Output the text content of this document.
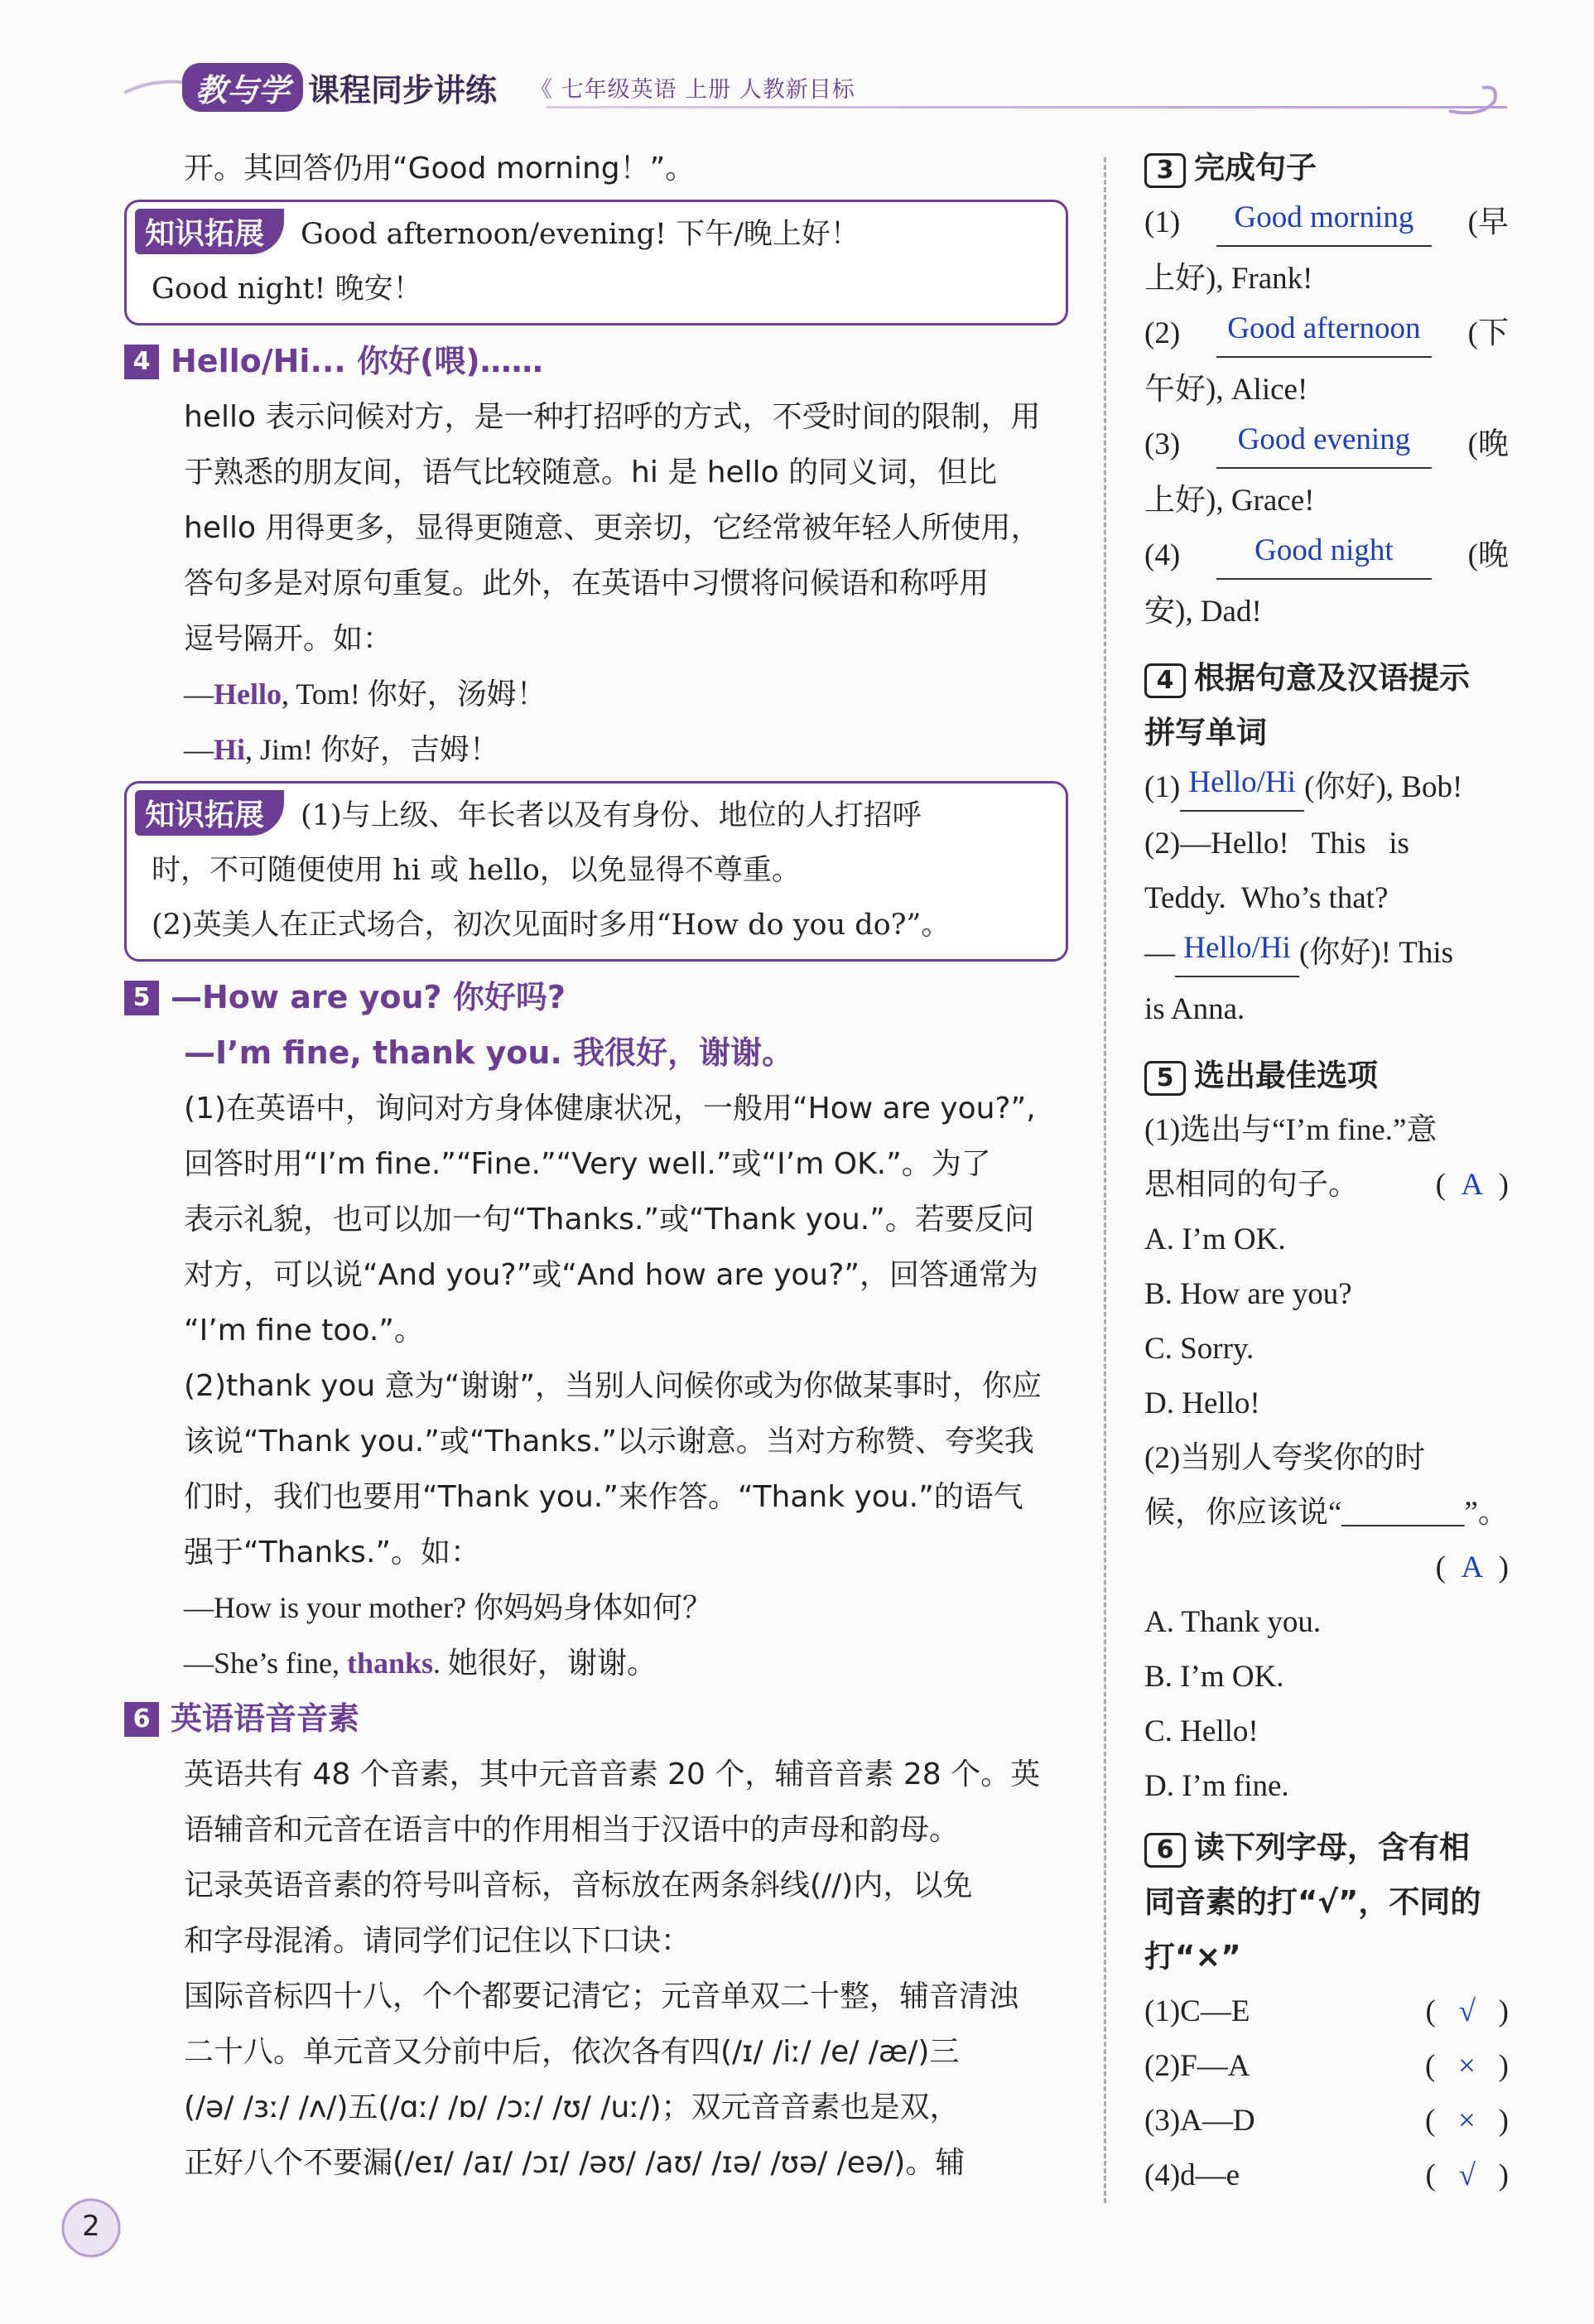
教与学 课程同步讲练 《 七年级英语 上册 人教新目标

开。其回答仍用“Good morning！”。

知识拓展 Good afternoon/evening! 下午/晚上好！
Good night! 晚安！
4 Hello/Hi... 你好(喂)……

hello 表示问候对方，是一种打招呼的方式，不受时间的限制，用

于熟悉的朋友间，语气比较随意。hi 是 hello 的同义词，但比

hello 用得更多，显得更随意、更亲切，它经常被年轻人所使用，

答句多是对原句重复。此外，在英语中习惯将问候语和称呼用

逗号隔开。如：

—Hello, Tom! 你好，汤姆！
—Hi, Jim! 你好，吉姆！
知识拓展 (1)与上级、年长者以及有身份、地位的人打招呼
时，不可随便使用 hi 或 hello，以免显得不尊重。
(2)英美人在正式场合，初次见面时多用“How do you do?”。
5 —How are you? 你好吗?
—I’m fine, thank you. 我很好，谢谢。

(1)在英语中，询问对方身体健康状况，一般用“How are you?”,

回答时用“I’m fine.”“Fine.”“Very well.”或“I’m OK.”。为了

表示礼貌，也可以加一句“Thanks.”或“Thank you.”。若要反问

对方，可以说“And you?”或“And how are you?”，回答通常为

“I’m fine too.”。

(2)thank you 意为“谢谢”，当别人问候你或为你做某事时，你应

该说“Thank you.”或“Thanks.”以示谢意。当对方称赞、夸奖我

们时，我们也要用“Thank you.”来作答。“Thank you.”的语气

强于“Thanks.”。如：

—How is your mother? 你妈妈身体如何？
—She’s fine, thanks. 她很好，谢谢。
6 英语语音音素

英语共有 48 个音素，其中元音音素 20 个，辅音音素 28 个。英

语辅音和元音在语言中的作用相当于汉语中的声母和韵母。

记录英语音素的符号叫音标，音标放在两条斜线(//)内，以免

和字母混淆。请同学们记住以下口诀：

国际音标四十八，个个都要记清它；元音单双二十整，辅音清浊

二十八。单元音又分前中后，依次各有四(/ɪ/ /iː/ /e/ /æ/)三

(/ə/ /ɜː/ /ʌ/)五(/ɑː/ /ɒ/ /ɔː/ /ʊ/ /uː/)；双元音音素也是双，

正好八个不要漏(/eɪ/ /aɪ/ /ɔɪ/ /əʊ/ /aʊ/ /ɪə/ /ʊə/ /eə/)。辅

3 完成句子
(1)	Good morning	(早

上好), Frank!

(2)	Good afternoon	(下

午好), Alice!

(3)	Good evening	(晚

上好), Grace!

(4)	Good night	(晚

安), Dad!

4 根据句意及汉语提示
拼写单词

(1) Hello/Hi (你好), Bob!

(2)—Hello!   This   is

Teddy.  Who’s that?

— Hello/Hi (你好)! This

is Anna.

5 选出最佳选项

(1)选出与“I’m fine.”意

思相同的句子。	(  A  )

A. I’m OK.

B. How are you?

C. Sorry.

D. Hello!

(2)当别人夸奖你的时

候，你应该说“________”。

(  A  )

A. Thank you.

B. I’m OK.

C. Hello!

D. I’m fine.

6 读下列字母，含有相
同音素的打“√”，不同的
打“×”
(1)C—E	(   √   )
(2)F—A	(   ×   )
(3)A—D	(   ×   )
(4)d—e	(   √   )
2
